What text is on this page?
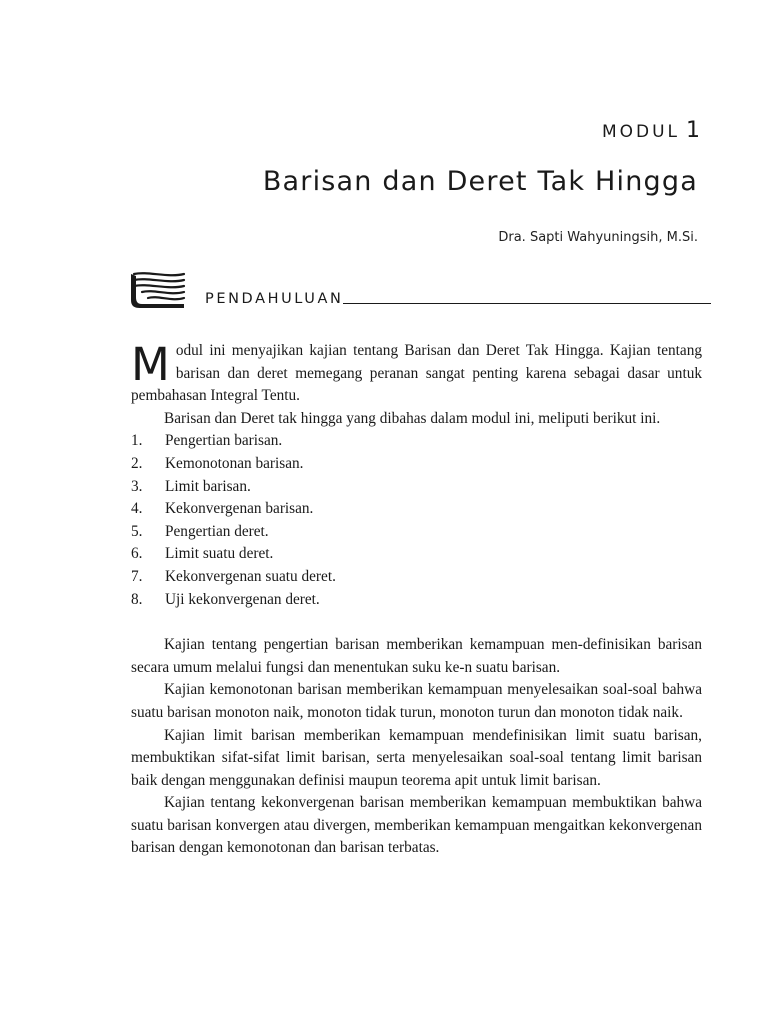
MODUL 1
Barisan dan Deret Tak Hingga
Dra. Sapti Wahyuningsih, M.Si.
PENDAHULUAN

Modul ini menyajikan kajian tentang Barisan dan Deret Tak Hingga. Kajian tentang barisan dan deret memegang peranan sangat penting karena sebagai dasar untuk pembahasan Integral Tentu.

Barisan dan Deret tak hingga yang dibahas dalam modul ini, meliputi berikut ini.

1.	Pengertian barisan.
2.	Kemonotonan barisan.
3.	Limit barisan.
4.	Kekonvergenan barisan.
5.	Pengertian deret.
6.	Limit suatu deret.
7.	Kekonvergenan suatu deret.
8.	Uji kekonvergenan deret.

Kajian tentang pengertian barisan memberikan kemampuan men-definisikan barisan secara umum melalui fungsi dan menentukan suku ke-n suatu barisan.

Kajian kemonotonan barisan memberikan kemampuan menyelesaikan soal-soal bahwa suatu barisan monoton naik, monoton tidak turun, monoton turun dan monoton tidak naik.

Kajian limit barisan memberikan kemampuan mendefinisikan limit suatu barisan, membuktikan sifat-sifat limit barisan, serta menyelesaikan soal-soal tentang limit barisan baik dengan menggunakan definisi maupun teorema apit untuk limit barisan.

Kajian tentang kekonvergenan barisan memberikan kemampuan membuktikan bahwa suatu barisan konvergen atau divergen, memberikan kemampuan mengaitkan kekonvergenan barisan dengan kemonotonan dan barisan terbatas.
